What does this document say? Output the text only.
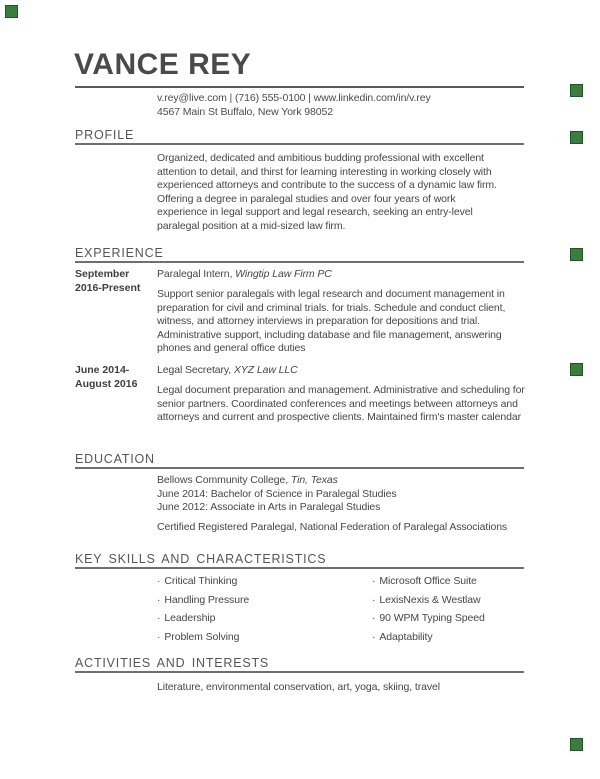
VANCE REY
v.rey@live.com | (716) 555-0100 | www.linkedin.com/in/v.rey
4567 Main St Buffalo, New York 98052
PROFILE
Organized, dedicated and ambitious budding professional with excellent attention to detail, and thirst for learning interesting in working closely with experienced attorneys and contribute to the success of a dynamic law firm. Offering a degree in paralegal studies and over four years of work experience in legal support and legal research, seeking an entry-level paralegal position at a mid-sized law firm.
EXPERIENCE
September
2016-Present
Paralegal Intern, Wingtip Law Firm PC
Support senior paralegals with legal research and document management in preparation for civil and criminal trials. for trials. Schedule and conduct client, witness, and attorney interviews in preparation for depositions and trial. Administrative support, including database and file management, answering phones and general office duties
June 2014-
August 2016
Legal Secretary, XYZ Law LLC
Legal document preparation and management. Administrative and scheduling for senior partners. Coordinated conferences and meetings between attorneys and attorneys and current and prospective clients. Maintained firm's master calendar
EDUCATION
Bellows Community College, Tin, Texas
June 2014: Bachelor of Science in Paralegal Studies
June 2012: Associate in Arts in Paralegal Studies
Certified Registered Paralegal, National Federation of Paralegal Associations
KEY SKILLS AND CHARACTERISTICS
· Critical Thinking
· Handling Pressure
· Leadership
· Problem Solving
· Microsoft Office Suite
· LexisNexis & Westlaw
· 90 WPM Typing Speed
· Adaptability
ACTIVITIES AND INTERESTS
Literature, environmental conservation, art, yoga, skiing, travel
